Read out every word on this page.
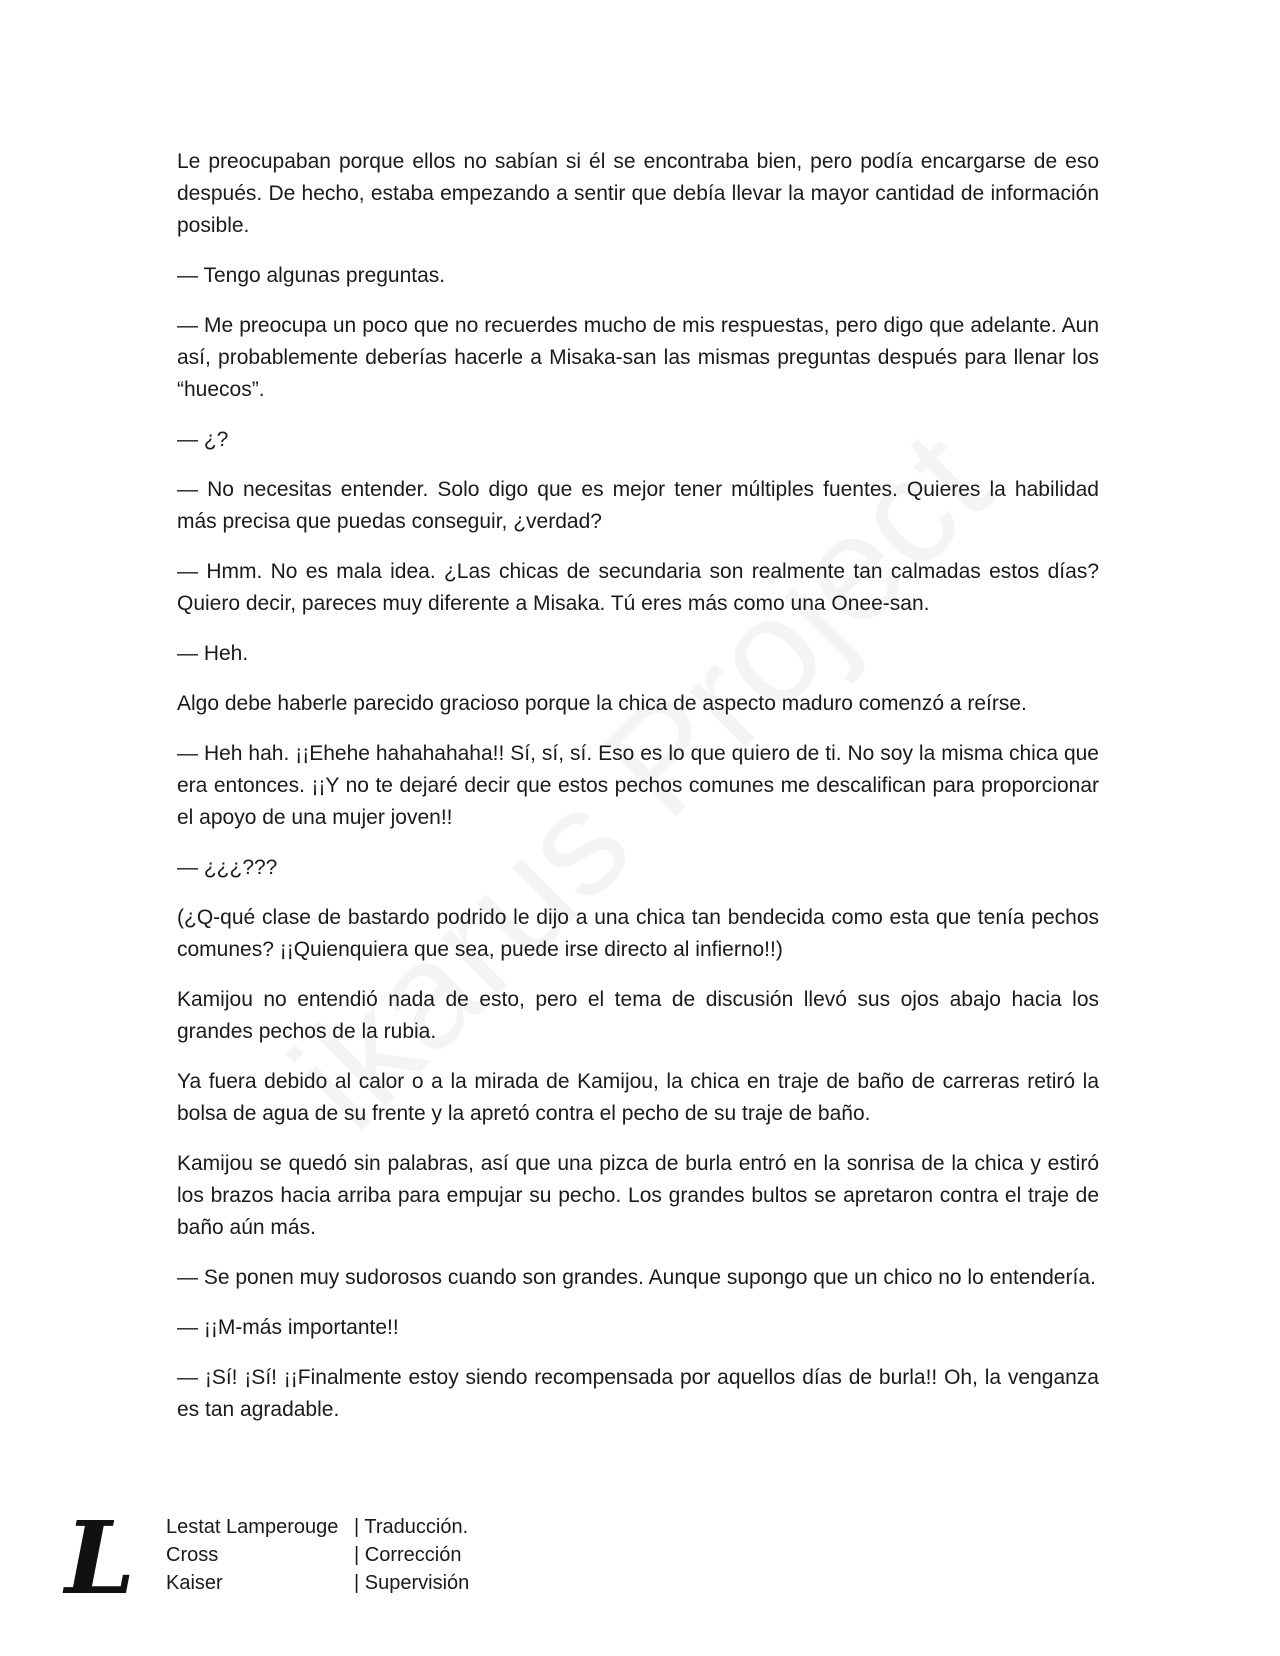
Le preocupaban porque ellos no sabían si él se encontraba bien, pero podía encargarse de eso después. De hecho, estaba empezando a sentir que debía llevar la mayor cantidad de información posible.

— Tengo algunas preguntas.

— Me preocupa un poco que no recuerdes mucho de mis respuestas, pero digo que adelante. Aun así, probablemente deberías hacerle a Misaka-san las mismas preguntas después para llenar los “huecos”.

— ¿?

— No necesitas entender. Solo digo que es mejor tener múltiples fuentes. Quieres la habilidad más precisa que puedas conseguir, ¿verdad?

— Hmm. No es mala idea. ¿Las chicas de secundaria son realmente tan calmadas estos días? Quiero decir, pareces muy diferente a Misaka. Tú eres más como una Onee-san.

— Heh.

Algo debe haberle parecido gracioso porque la chica de aspecto maduro comenzó a reírse.

— Heh hah. ¡¡Ehehe hahahahaha!! Sí, sí, sí. Eso es lo que quiero de ti. No soy la misma chica que era entonces. ¡¡Y no te dejaré decir que estos pechos comunes me descalifican para proporcionar el apoyo de una mujer joven!!

— ¿¿¿???

(¿Q-qué clase de bastardo podrido le dijo a una chica tan bendecida como esta que tenía pechos comunes? ¡¡Quienquiera que sea, puede irse directo al infierno!!)

Kamijou no entendió nada de esto, pero el tema de discusión llevó sus ojos abajo hacia los grandes pechos de la rubia.

Ya fuera debido al calor o a la mirada de Kamijou, la chica en traje de baño de carreras retiró la bolsa de agua de su frente y la apretó contra el pecho de su traje de baño.

Kamijou se quedó sin palabras, así que una pizca de burla entró en la sonrisa de la chica y estiró los brazos hacia arriba para empujar su pecho. Los grandes bultos se apretaron contra el traje de baño aún más.

— Se ponen muy sudorosos cuando son grandes. Aunque supongo que un chico no lo entendería.

— ¡¡M-más importante!!

— ¡Sí! ¡Sí! ¡¡Finalmente estoy siendo recompensada por aquellos días de burla!! Oh, la venganza es tan agradable.

L Lestat Lamperouge | Traducción.
Cross	| Corrección
Kaiser	| Supervisión
